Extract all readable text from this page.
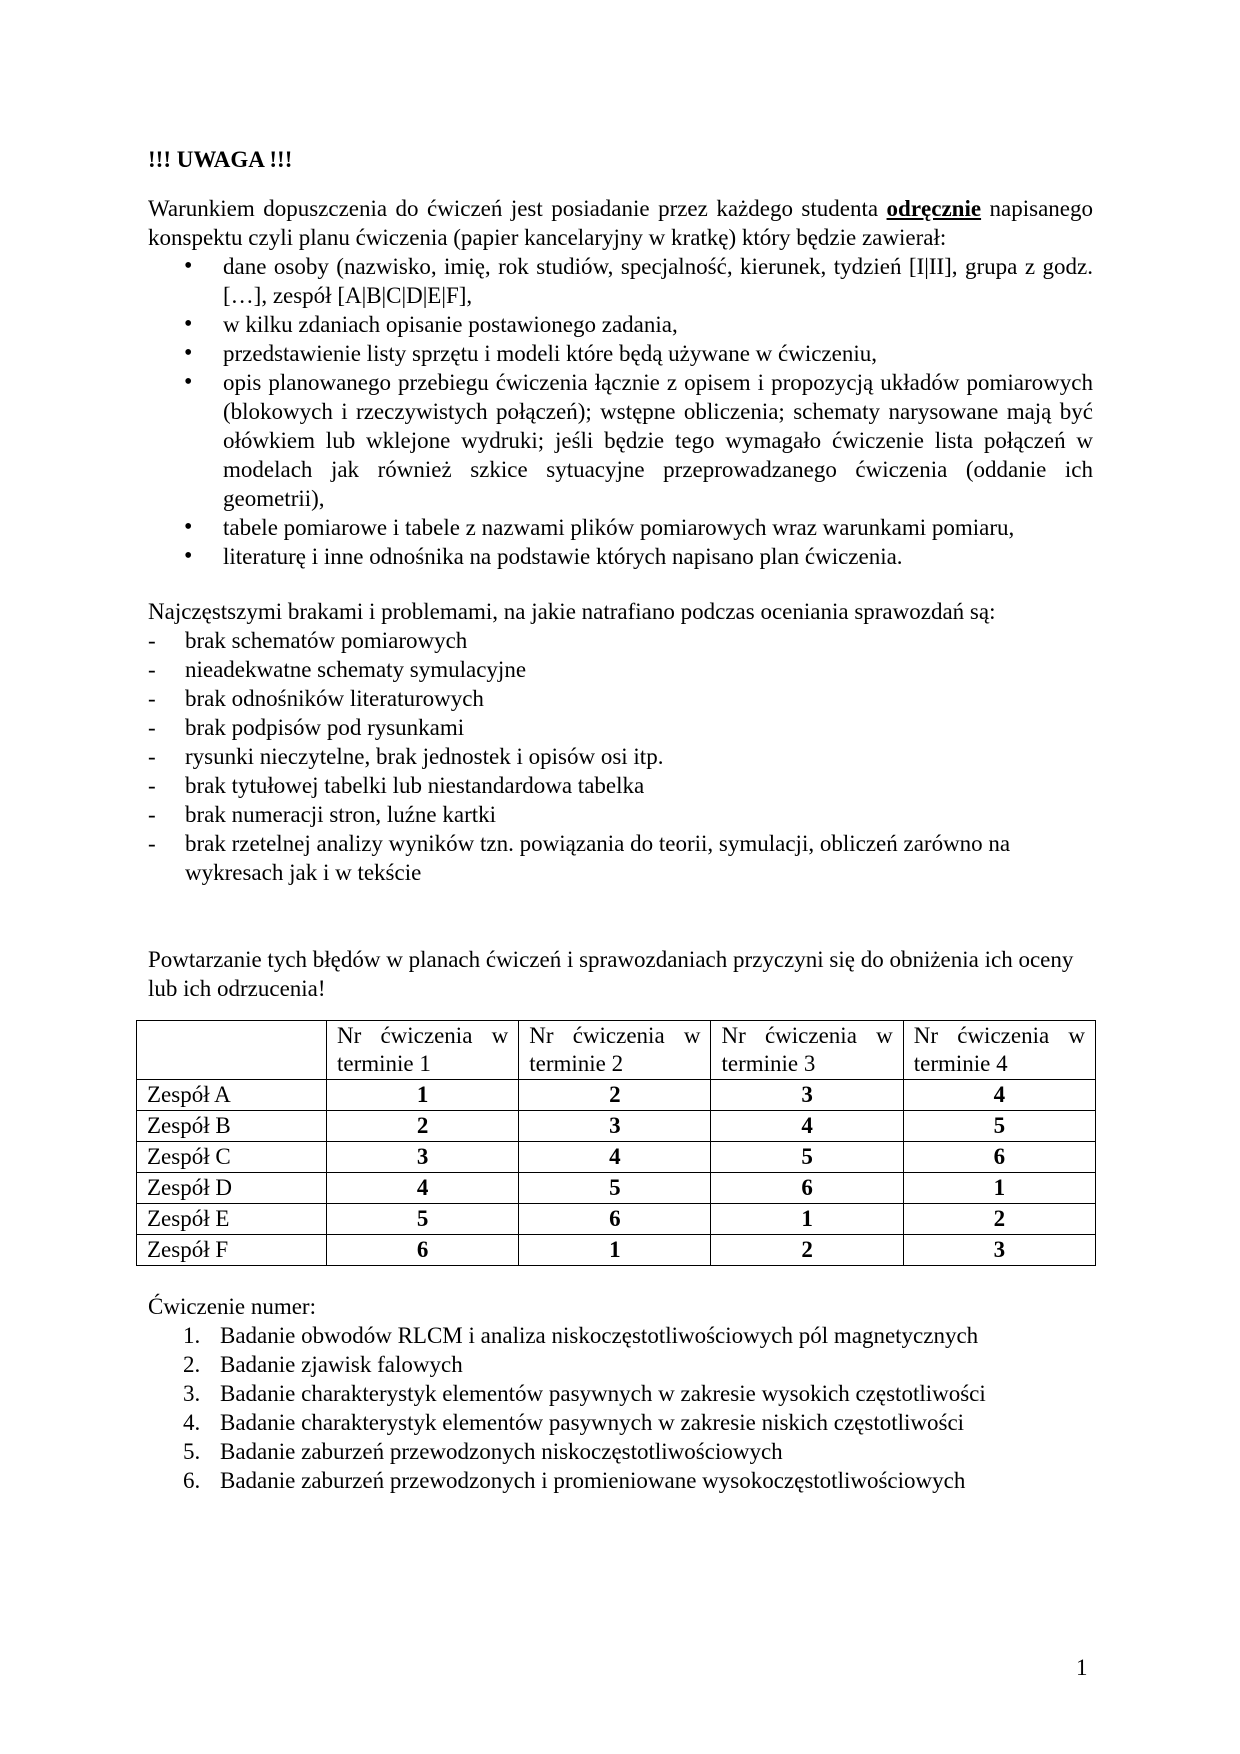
!!! UWAGA !!!

Warunkiem dopuszczenia do ćwiczeń jest posiadanie przez każdego studenta odręcznie napisanego konspektu czyli planu ćwiczenia (papier kancelaryjny w kratkę) który będzie zawierał:

• dane osoby (nazwisko, imię, rok studiów, specjalność, kierunek, tydzień [I|II], grupa z godz. […], zespół [A|B|C|D|E|F],
• w kilku zdaniach opisanie postawionego zadania,
• przedstawienie listy sprzętu i modeli które będą używane w ćwiczeniu,
• opis planowanego przebiegu ćwiczenia łącznie z opisem i propozycją układów pomiarowych (blokowych i rzeczywistych połączeń); wstępne obliczenia; schematy narysowane mają być ołówkiem lub wklejone wydruki; jeśli będzie tego wymagało ćwiczenie lista połączeń w modelach jak również szkice sytuacyjne przeprowadzanego ćwiczenia (oddanie ich geometrii),
• tabele pomiarowe i tabele z nazwami plików pomiarowych wraz warunkami pomiaru,
• literaturę i inne odnośnika na podstawie których napisano plan ćwiczenia.

Najczęstszymi brakami i problemami, na jakie natrafiano podczas oceniania sprawozdań są:

- brak schematów pomiarowych
- nieadekwatne schematy symulacyjne
- brak odnośników literaturowych
- brak podpisów pod rysunkami
- rysunki nieczytelne, brak jednostek i opisów osi itp.
- brak tytułowej tabelki lub niestandardowa tabelka
- brak numeracji stron, luźne kartki
- brak rzetelnej analizy wyników tzn. powiązania do teorii, symulacji, obliczeń zarówno na wykresach jak i w tekście

Powtarzanie tych błędów w planach ćwiczeń i sprawozdaniach przyczyni się do obniżenia ich oceny lub ich odrzucenia!

	Nr ćwiczenia w terminie 1	Nr ćwiczenia w terminie 2	Nr ćwiczenia w terminie 3	Nr ćwiczenia w terminie 4
Zespół A	1	2	3	4
Zespół B	2	3	4	5
Zespół C	3	4	5	6
Zespół D	4	5	6	1
Zespół E	5	6	1	2
Zespół F	6	1	2	3

Ćwiczenie numer:

1. Badanie obwodów RLCM i analiza niskoczęstotliwościowych pól magnetycznych
2. Badanie zjawisk falowych
3. Badanie charakterystyk elementów pasywnych w zakresie wysokich częstotliwości
4. Badanie charakterystyk elementów pasywnych w zakresie niskich częstotliwości
5. Badanie zaburzeń przewodzonych niskoczęstotliwościowych
6. Badanie zaburzeń przewodzonych i promieniowane wysokoczęstotliwościowych
1
